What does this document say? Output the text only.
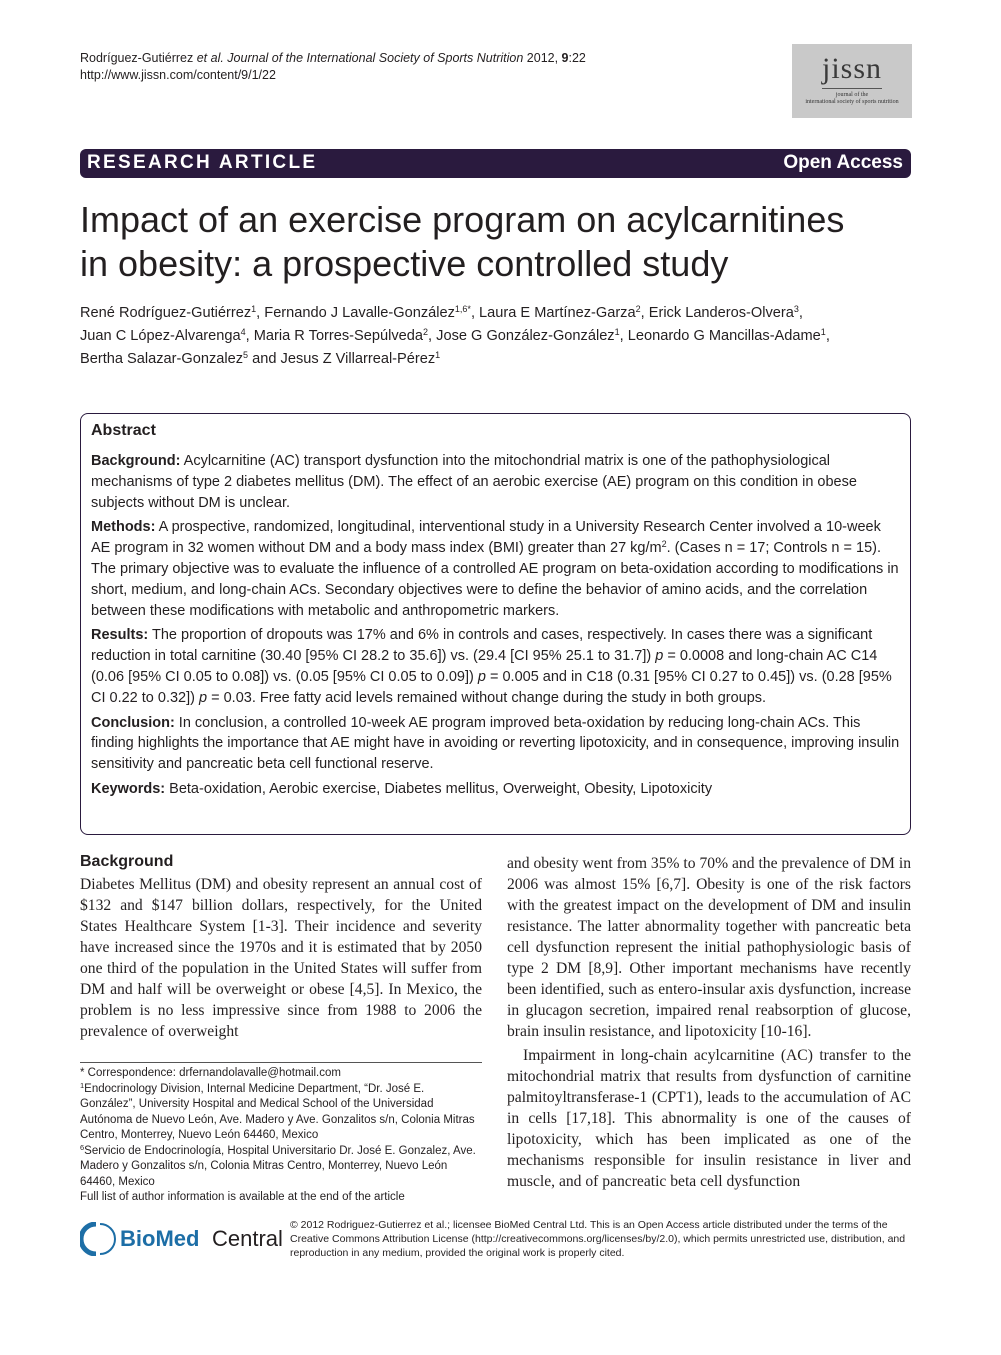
Rodríguez-Gutiérrez et al. Journal of the International Society of Sports Nutrition 2012, 9:22
http://www.jissn.com/content/9/1/22	jissn
journal of the
international society of sports nutrition
RESEARCH ARTICLE	Open Access
Impact of an exercise program on acylcarnitines
in obesity: a prospective controlled study
René Rodríguez-Gutiérrez$^1$, Fernando J Lavalle-González$^{1,6*}$, Laura E Martínez-Garza$^2$, Erick Landeros-Olvera$^3$,
Juan C López-Alvarenga$^4$, Maria R Torres-Sepúlveda$^2$, Jose G González-González$^1$, Leonardo G Mancillas-Adame$^1$,
Bertha Salazar-Gonzalez$^5$ and Jesus Z Villarreal-Pérez$^1$
Abstract

Background: Acylcarnitine (AC) transport dysfunction into the mitochondrial matrix is one of the pathophysiological mechanisms of type 2 diabetes mellitus (DM). The effect of an aerobic exercise (AE) program on this condition in obese subjects without DM is unclear.

Methods: A prospective, randomized, longitudinal, interventional study in a University Research Center involved a 10-week AE program in 32 women without DM and a body mass index (BMI) greater than 27 $kg/m^2$. (Cases n = 17; Controls n = 15). The primary objective was to evaluate the influence of a controlled AE program on beta-oxidation according to modifications in short, medium, and long-chain ACs. Secondary objectives were to define the behavior of amino acids, and the correlation between these modifications with metabolic and anthropometric markers.

Results: The proportion of dropouts was 17% and 6% in controls and cases, respectively. In cases there was a significant reduction in total carnitine (30.40 [95% CI 28.2 to 35.6]) vs. (29.4 [CI 95% 25.1 to 31.7]) p = 0.0008 and long-chain AC C14 (0.06 [95% CI 0.05 to 0.08]) vs. (0.05 [95% CI 0.05 to 0.09]) p = 0.005 and in C18 (0.31 [95% CI 0.27 to 0.45]) vs. (0.28 [95% CI 0.22 to 0.32]) p = 0.03. Free fatty acid levels remained without change during the study in both groups.

Conclusion: In conclusion, a controlled 10-week AE program improved beta-oxidation by reducing long-chain ACs. This finding highlights the importance that AE might have in avoiding or reverting lipotoxicity, and in consequence, improving insulin sensitivity and pancreatic beta cell functional reserve.

Keywords: Beta-oxidation, Aerobic exercise, Diabetes mellitus, Overweight, Obesity, Lipotoxicity

Background
Diabetes Mellitus (DM) and obesity represent an annual cost of $132 and $147 billion dollars, respectively, for the United States Healthcare System [1-3]. Their incidence and severity have increased since the 1970s and it is estimated that by 2050 one third of the population in the United States will suffer from DM and half will be overweight or obese [4,5]. In Mexico, the problem is no less impressive since from 1988 to 2006 the prevalence of overweight
* Correspondence: drfernandolavalle@hotmail.com
$^1$Endocrinology Division, Internal Medicine Department, “Dr. José E. González”, University Hospital and Medical School of the Universidad Autónoma de Nuevo León, Ave. Madero y Ave. Gonzalitos s/n, Colonia Mitras Centro, Monterrey, Nuevo León 64460, Mexico
$^6$Servicio de Endocrinología, Hospital Universitario Dr. José E. Gonzalez, Ave. Madero y Gonzalitos s/n, Colonia Mitras Centro, Monterrey, Nuevo León 64460, Mexico
Full list of author information is available at the end of the article

and obesity went from 35% to 70% and the prevalence of DM in 2006 was almost 15% [6,7]. Obesity is one of the risk factors with the greatest impact on the development of DM and insulin resistance. The latter abnormality together with pancreatic beta cell dysfunction represent the initial pathophysiologic basis of type 2 DM [8,9]. Other important mechanisms have recently been identified, such as entero-insular axis dysfunction, increase in glucagon secretion, impaired renal reabsorption of glucose, brain insulin resistance, and lipotoxicity [10-16].

Impairment in long-chain acylcarnitine (AC) transfer to the mitochondrial matrix that results from dysfunction of carnitine palmitoyltransferase-1 (CPT1), leads to the accumulation of AC in cells [17,18]. This abnormality is one of the causes of lipotoxicity, which has been implicated as one of the mechanisms responsible for insulin resistance in liver and muscle, and of pancreatic beta cell dysfunction

BioMed Central
© 2012 Rodriguez-Gutierrez et al.; licensee BioMed Central Ltd. This is an Open Access article distributed under the terms of the Creative Commons Attribution License (http://creativecommons.org/licenses/by/2.0), which permits unrestricted use, distribution, and reproduction in any medium, provided the original work is properly cited.
